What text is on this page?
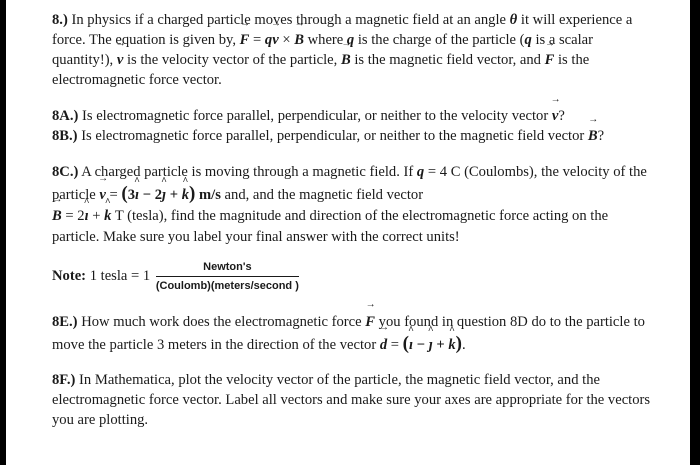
8.) In physics if a charged particle moves through a magnetic field at an angle θ it will experience a force. The equation is given by, → F = q→ v × → B where q is the charge of the particle (q is a scalar quantity!), → v is the velocity vector of the particle, → B is the magnetic field vector, and → F is the electromagnetic force vector.

8A.) Is electromagnetic force parallel, perpendicular, or neither to the velocity vector → v?

8B.) Is electromagnetic force parallel, perpendicular, or neither to the magnetic field vector → B?

8C.) A charged particle is moving through a magnetic field. If q = 4 C (Coulombs), the velocity of the particle → v = (3^ ı − 2^ ȷ + ^ k) m/s and, and the magnetic field vector
→ B = 2^ ı + ^ k T (tesla), find the magnitude and direction of the electromagnetic force acting on the particle. Make sure you label your final answer with the correct units!

Note: 1 tesla = $1 \frac{\text{Newton's}}{\text{(Coulomb)(meters/second )}}$

8E.) How much work does the electromagnetic force → F you found in question 8D do to the particle to move the particle 3 meters in the direction of the vector → d = (^ ı − ^ ȷ + ^ k).

8F.) In Mathematica, plot the velocity vector of the particle, the magnetic field vector, and the electromagnetic force vector. Label all vectors and make sure your axes are appropriate for the vectors you are plotting.
